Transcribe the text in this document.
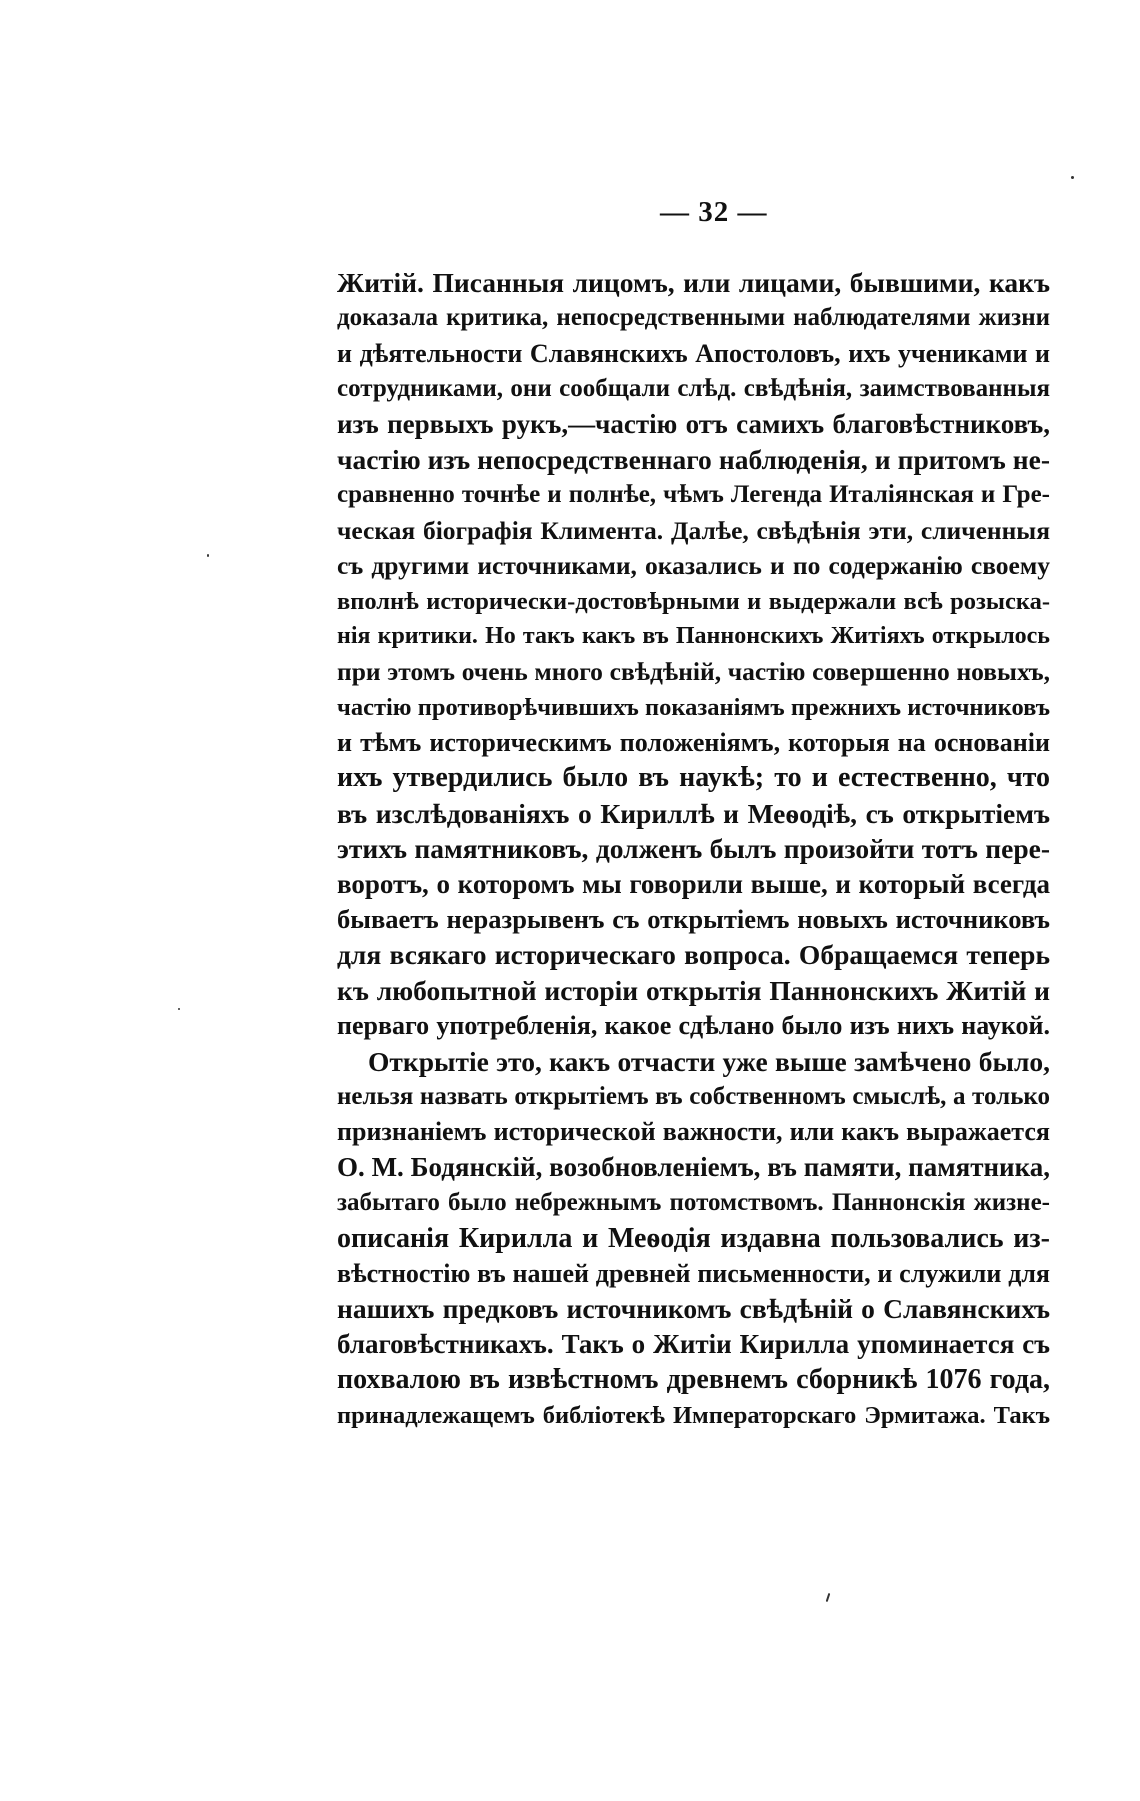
— 32 —
Житій. Писанныя лицомъ, или лицами, бывшими, какъ
доказала критика, непосредственными наблюдателями жизни
и дѣятельности Славянскихъ Апостоловъ, ихъ учениками и
сотрудниками, они сообщали слѣд. свѣдѣнія, заимствованныя
изъ первыхъ рукъ,—частію отъ самихъ благовѣстниковъ,
частію изъ непосредственнаго наблюденія, и притомъ не-
сравненно точнѣе и полнѣе, чѣмъ Легенда Италіянская и Гре-
ческая біографія Климента. Далѣе, свѣдѣнія эти, сличенныя
съ другими источниками, оказались и по содержанію своему
вполнѣ исторически-достовѣрными и выдержали всѣ розыска-
нія критики. Но такъ какъ въ Паннонскихъ Житіяхъ открылось
при этомъ очень много свѣдѣній, частію совершенно новыхъ,
частію противорѣчившихъ показаніямъ прежнихъ источниковъ
и тѣмъ историческимъ положеніямъ, которыя на основаніи
ихъ утвердились было въ наукѣ; то и естественно, что
въ изслѣдованіяхъ о Кириллѣ и Меѳодіѣ, съ открытіемъ
этихъ памятниковъ, долженъ былъ произойти тотъ пере-
воротъ, о которомъ мы говорили выше, и который всегда
бываетъ неразрывенъ съ открытіемъ новыхъ источниковъ
для всякаго историческаго вопроса. Обращаемся теперь
къ любопытной исторіи открытія Паннонскихъ Житій и
перваго употребленія, какое сдѣлано было изъ нихъ наукой.
Открытіе это, какъ отчасти уже выше замѣчено было,
нельзя назвать открытіемъ въ собственномъ смыслѣ, а только
признаніемъ исторической важности, или какъ выражается
О. М. Бодянскій, возобновленіемъ, въ памяти, памятника,
забытаго было небрежнымъ потомствомъ. Паннонскія жизне-
описанія Кирилла и Меѳодія издавна пользовались из-
вѣстностію въ нашей древней письменности, и служили для
нашихъ предковъ источникомъ свѣдѣній о Славянскихъ
благовѣстникахъ. Такъ о Житіи Кирилла упоминается съ
похвалою въ извѣстномъ древнемъ сборникѣ 1076 года,
принадлежащемъ библіотекѣ Императорскаго Эрмитажа. Такъ
